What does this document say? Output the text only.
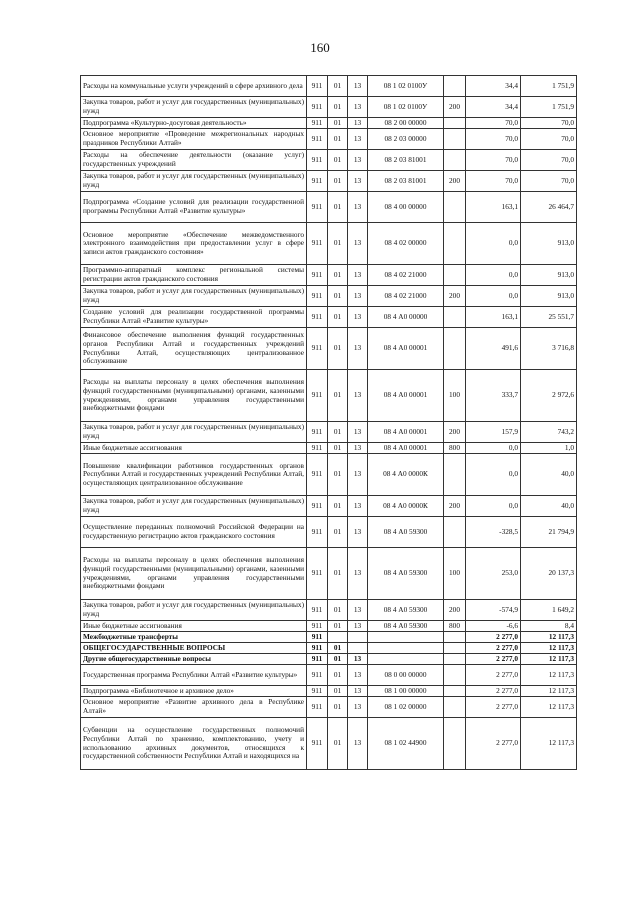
160
Расходы на коммунальные услуги учреждений в сфере архивного дела	911	01	13	08 1 02 0100У		34,4	1 751,9
Закупка товаров, работ и услуг для государственных (муниципальных) нужд	911	01	13	08 1 02 0100У	200	34,4	1 751,9
Подпрограмма «Культурно-досуговая деятельность»	911	01	13	08 2 00 00000		70,0	70,0
Основное мероприятие «Проведение межрегиональных народных праздников Республики Алтай»	911	01	13	08 2 03 00000		70,0	70,0
Расходы на обеспечение деятельности (оказание услуг) государственных учреждений	911	01	13	08 2 03 81001		70,0	70,0
Закупка товаров, работ и услуг для государственных (муниципальных) нужд	911	01	13	08 2 03 81001	200	70,0	70,0
Подпрограмма «Создание условий для реализации государственной программы Республики Алтай «Развитие культуры»	911	01	13	08 4 00 00000		163,1	26 464,7
Основное мероприятие «Обеспечение межведомственного электронного взаимодействия при предоставлении услуг в сфере записи актов гражданского состояния»	911	01	13	08 4 02 00000		0,0	913,0
Программно-аппаратный комплекс региональной системы регистрации актов гражданского состояния	911	01	13	08 4 02 21000		0,0	913,0
Закупка товаров, работ и услуг для государственных (муниципальных) нужд	911	01	13	08 4 02 21000	200	0,0	913,0
Создание условий для реализации государственной программы Республики Алтай «Развитие культуры»	911	01	13	08 4 А0 00000		163,1	25 551,7
Финансовое обеспечение выполнения функций государственных органов Республики Алтай и государственных учреждений Республики Алтай, осуществляющих централизованное обслуживание	911	01	13	08 4 А0 00001		491,6	3 716,8
Расходы на выплаты персоналу в целях обеспечения выполнения функций государственными (муниципальными) органами, казенными учреждениями, органами управления государственными внебюджетными фондами	911	01	13	08 4 А0 00001	100	333,7	2 972,6
Закупка товаров, работ и услуг для государственных (муниципальных) нужд	911	01	13	08 4 А0 00001	200	157,9	743,2
Иные бюджетные ассигнования	911	01	13	08 4 А0 00001	800	0,0	1,0
Повышение квалификации работников государственных органов Республики Алтай и государственных учреждений Республики Алтай, осуществляющих централизованное обслуживание	911	01	13	08 4 А0 0000К		0,0	40,0
Закупка товаров, работ и услуг для государственных (муниципальных) нужд	911	01	13	08 4 А0 0000К	200	0,0	40,0
Осуществление переданных полномочий Российской Федерации на государственную регистрацию актов гражданского состояния	911	01	13	08 4 А0 59300		-328,5	21 794,9
Расходы на выплаты персоналу в целях обеспечения выполнения функций государственными (муниципальными) органами, казенными учреждениями, органами управления государственными внебюджетными фондами	911	01	13	08 4 А0 59300	100	253,0	20 137,3
Закупка товаров, работ и услуг для государственных (муниципальных) нужд	911	01	13	08 4 А0 59300	200	-574,9	1 649,2
Иные бюджетные ассигнования	911	01	13	08 4 А0 59300	800	-6,6	8,4
Межбюджетные трансферты	911					2 277,0	12 117,3
ОБЩЕГОСУДАРСТВЕННЫЕ ВОПРОСЫ	911	01				2 277,0	12 117,3
Другие общегосударственные вопросы	911	01	13			2 277,0	12 117,3
Государственная программа Республики Алтай «Развитие культуры»	911	01	13	08 0 00 00000		2 277,0	12 117,3
Подпрограмма «Библиотечное и архивное дело»	911	01	13	08 1 00 00000		2 277,0	12 117,3
Основное мероприятие «Развитие архивного дела в Республике Алтай»	911	01	13	08 1 02 00000		2 277,0	12 117,3
Субвенции на осуществление государственных полномочий Республики Алтай по хранению, комплектованию, учету и использованию архивных документов, относящихся к государственной собственности Республики Алтай и находящихся на	911	01	13	08 1 02 44900		2 277,0	12 117,3
